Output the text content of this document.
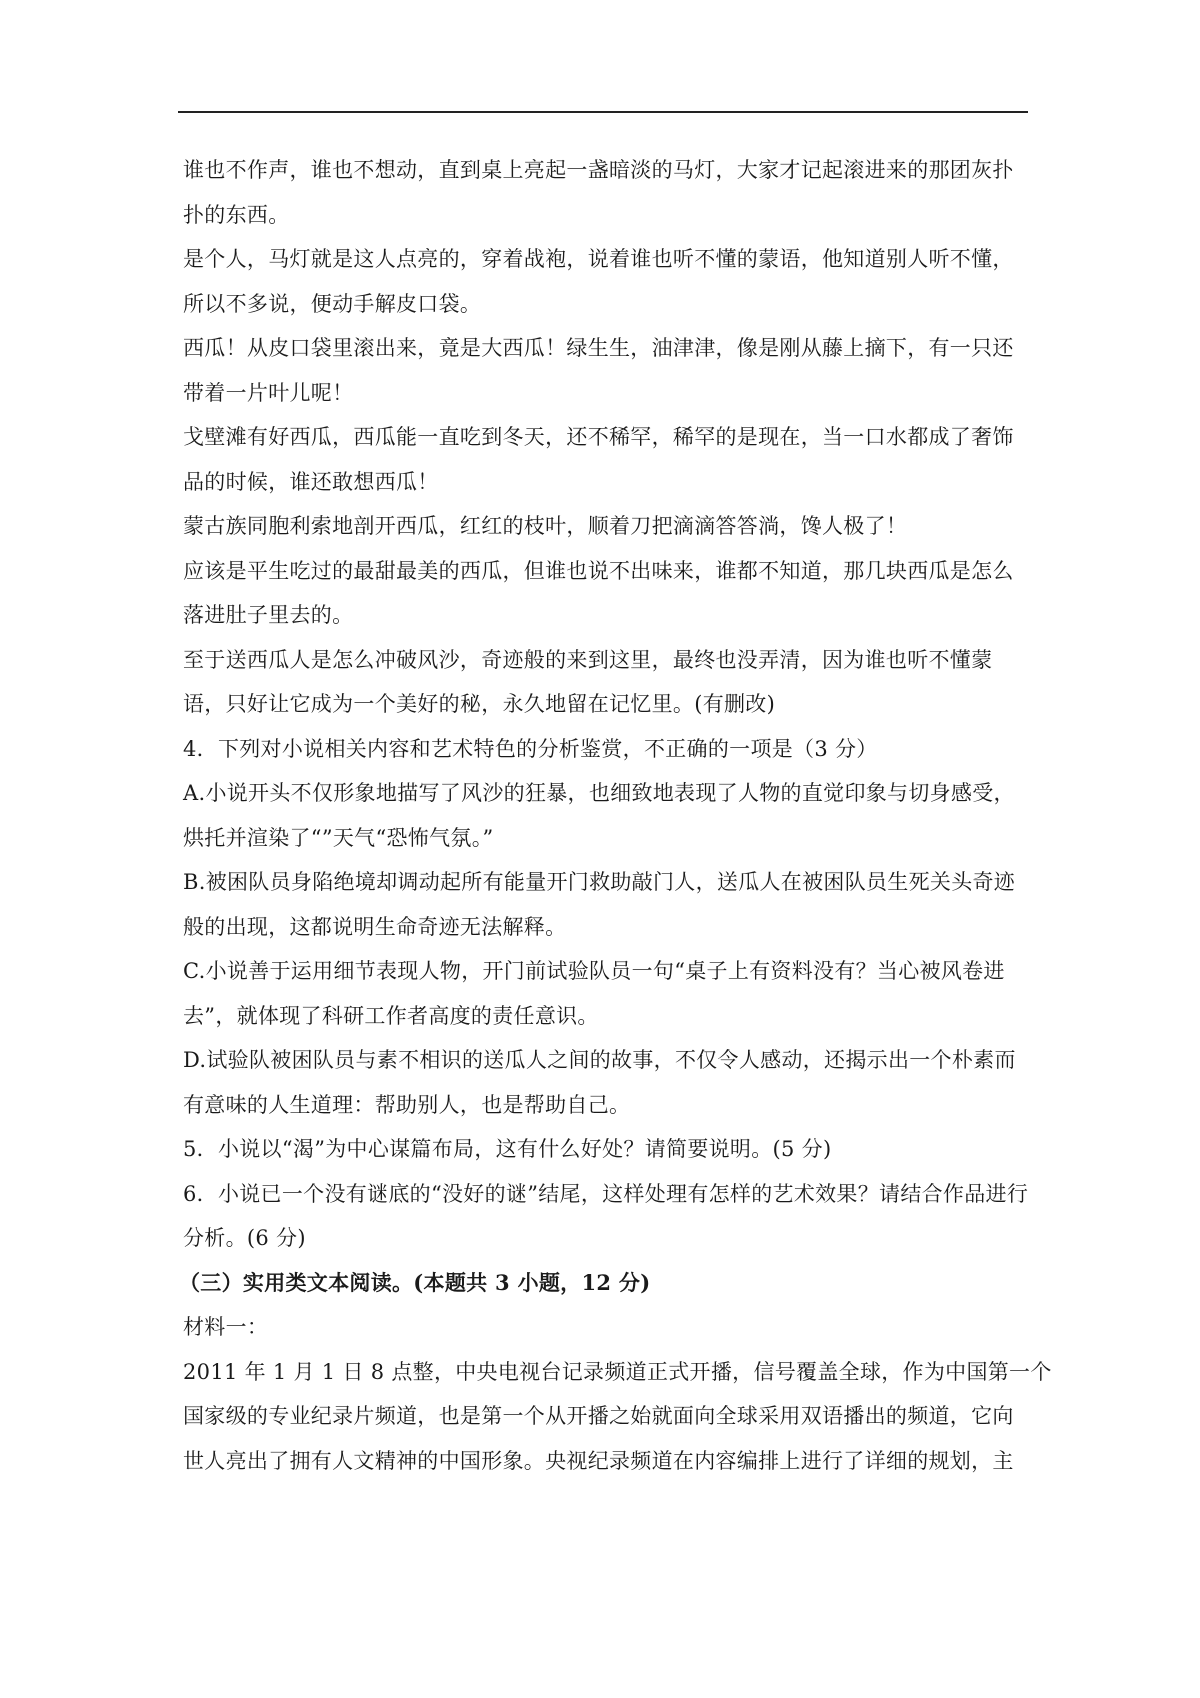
谁也不作声，谁也不想动，直到桌上亮起一盏暗淡的马灯，大家才记起滚进来的那团灰扑
扑的东西。
是个人，马灯就是这人点亮的，穿着战袍，说着谁也听不懂的蒙语，他知道别人听不懂，
所以不多说，便动手解皮口袋。
西瓜！从皮口袋里滚出来，竟是大西瓜！绿生生，油津津，像是刚从藤上摘下，有一只还
带着一片叶儿呢！
戈壁滩有好西瓜，西瓜能一直吃到冬天，还不稀罕，稀罕的是现在，当一口水都成了奢饰
品的时候，谁还敢想西瓜！
蒙古族同胞利索地剖开西瓜，红红的枝叶，顺着刀把滴滴答答淌，馋人极了！
应该是平生吃过的最甜最美的西瓜，但谁也说不出味来，谁都不知道，那几块西瓜是怎么
落进肚子里去的。
至于送西瓜人是怎么冲破风沙，奇迹般的来到这里，最终也没弄清，因为谁也听不懂蒙
语，只好让它成为一个美好的秘，永久地留在记忆里。(有删改)
4．下列对小说相关内容和艺术特色的分析鉴赏，不正确的一项是（3 分）
A.小说开头不仅形象地描写了风沙的狂暴，也细致地表现了人物的直觉印象与切身感受，
烘托并渲染了“”天气“恐怖气氛。”
B.被困队员身陷绝境却调动起所有能量开门救助敲门人，送瓜人在被困队员生死关头奇迹
般的出现，这都说明生命奇迹无法解释。
C.小说善于运用细节表现人物，开门前试验队员一句“桌子上有资料没有？当心被风卷进
去”，就体现了科研工作者高度的责任意识。
D.试验队被困队员与素不相识的送瓜人之间的故事，不仅令人感动，还揭示出一个朴素而
有意味的人生道理：帮助别人，也是帮助自己。
5．小说以“渴”为中心谋篇布局，这有什么好处？请简要说明。(5 分)
6．小说已一个没有谜底的“没好的谜”结尾，这样处理有怎样的艺术效果？请结合作品进行
分析。(6 分)
（三）实用类文本阅读。(本题共 3 小题，12 分)
材料一：
2011 年 1 月 1 日 8 点整，中央电视台记录频道正式开播，信号覆盖全球，作为中国第一个
国家级的专业纪录片频道，也是第一个从开播之始就面向全球采用双语播出的频道，它向
世人亮出了拥有人文精神的中国形象。央视纪录频道在内容编排上进行了详细的规划，主
